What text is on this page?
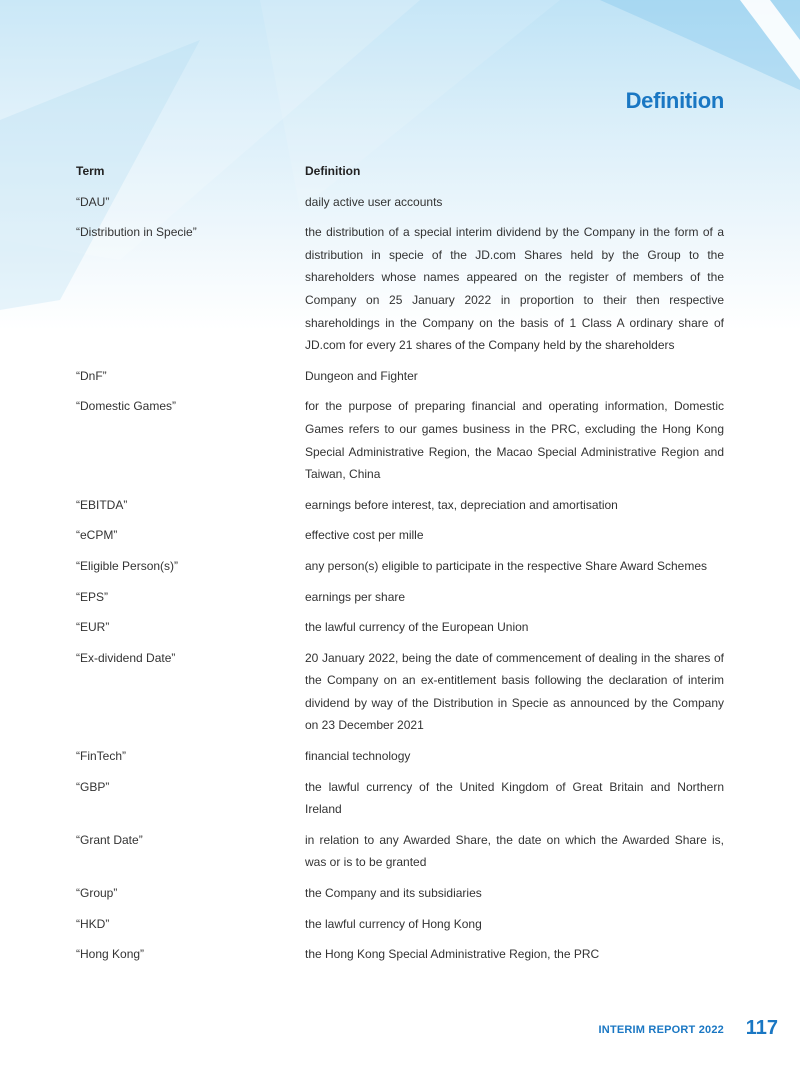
Definition
Term	Definition
“DAU”	daily active user accounts
“Distribution in Specie”	the distribution of a special interim dividend by the Company in the form of a distribution in specie of the JD.com Shares held by the Group to the shareholders whose names appeared on the register of members of the Company on 25 January 2022 in proportion to their then respective shareholdings in the Company on the basis of 1 Class A ordinary share of JD.com for every 21 shares of the Company held by the shareholders
“DnF”	Dungeon and Fighter
“Domestic Games”	for the purpose of preparing financial and operating information, Domestic Games refers to our games business in the PRC, excluding the Hong Kong Special Administrative Region, the Macao Special Administrative Region and Taiwan, China
“EBITDA”	earnings before interest, tax, depreciation and amortisation
“eCPM”	effective cost per mille
“Eligible Person(s)”	any person(s) eligible to participate in the respective Share Award Schemes
“EPS”	earnings per share
“EUR”	the lawful currency of the European Union
“Ex-dividend Date”	20 January 2022, being the date of commencement of dealing in the shares of the Company on an ex-entitlement basis following the declaration of interim dividend by way of the Distribution in Specie as announced by the Company on 23 December 2021
“FinTech”	financial technology
“GBP”	the lawful currency of the United Kingdom of Great Britain and Northern Ireland
“Grant Date”	in relation to any Awarded Share, the date on which the Awarded Share is, was or is to be granted
“Group”	the Company and its subsidiaries
“HKD”	the lawful currency of Hong Kong
“Hong Kong”	the Hong Kong Special Administrative Region, the PRC
INTERIM REPORT 2022 117
